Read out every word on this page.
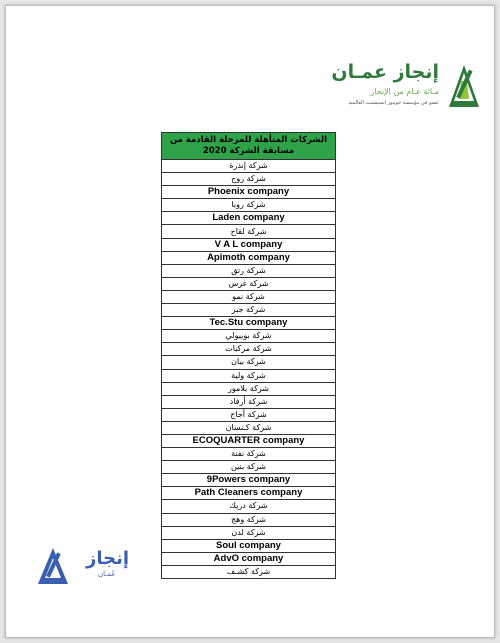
إنجاز عمـان
مـائة عـام من الإنجاز
عضو في مؤسسة جونيور اتشيفمنت العالمية
الشركات المتأهلة للمرحلة القادمة من مسابقة الشركة 2020
شركة إنذرة
شركة روح
Phoenix company
شركة روبا
Laden company
شركة لقاح
V A L company
Apimoth company
شركة رتق
شركة غرس
شركة نمو
شركة جبر
Tec.Stu company
شركة بوبيولي
شركة مركبات
شركة بيان
شركة ولية
شركة بلامور
شركة أرفاد
شركة أجاج
شركة كـنسان
ECOQUARTER company
شركة نفنة
شركة بنين
9Powers company
Path Cleaners company
شركة دريك
شركة وهج
شركة لدن
Soul company
AdvO company
شركة كشـف
إنجاز
عُمـان
